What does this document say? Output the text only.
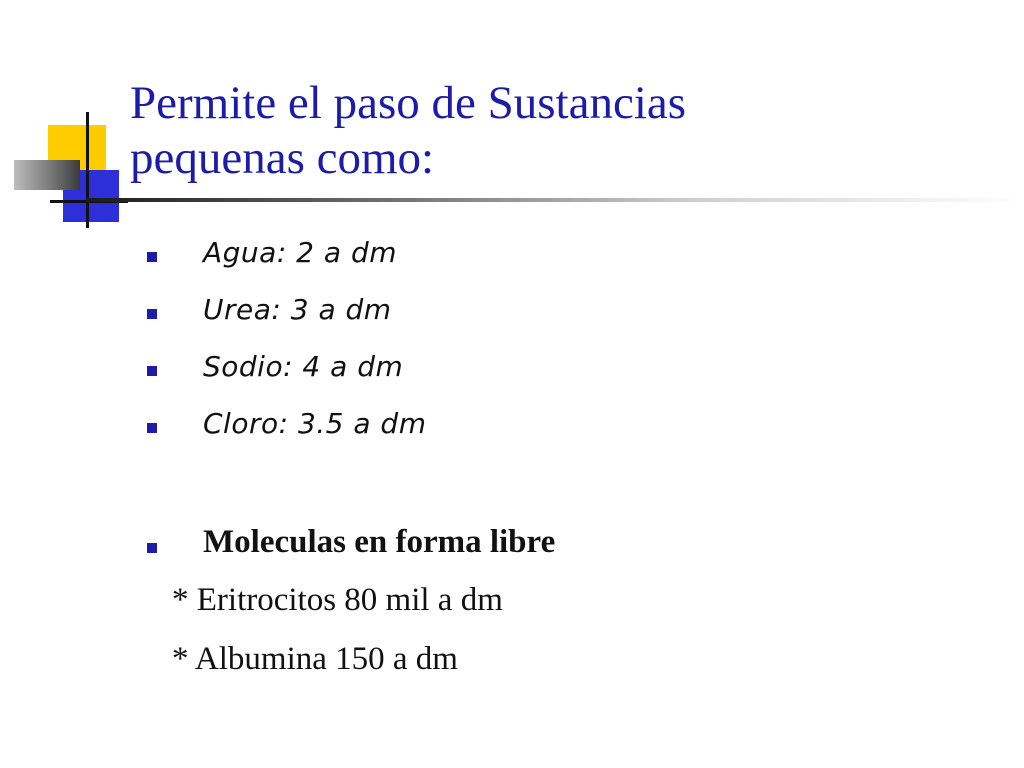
Permite el paso de Sustancias
pequenas como:
Agua: 2 a dm
Urea: 3 a dm
Sodio: 4 a dm
Cloro: 3.5 a dm
Moleculas en forma libre
* Eritrocitos 80 mil a dm
* Albumina 150 a dm
